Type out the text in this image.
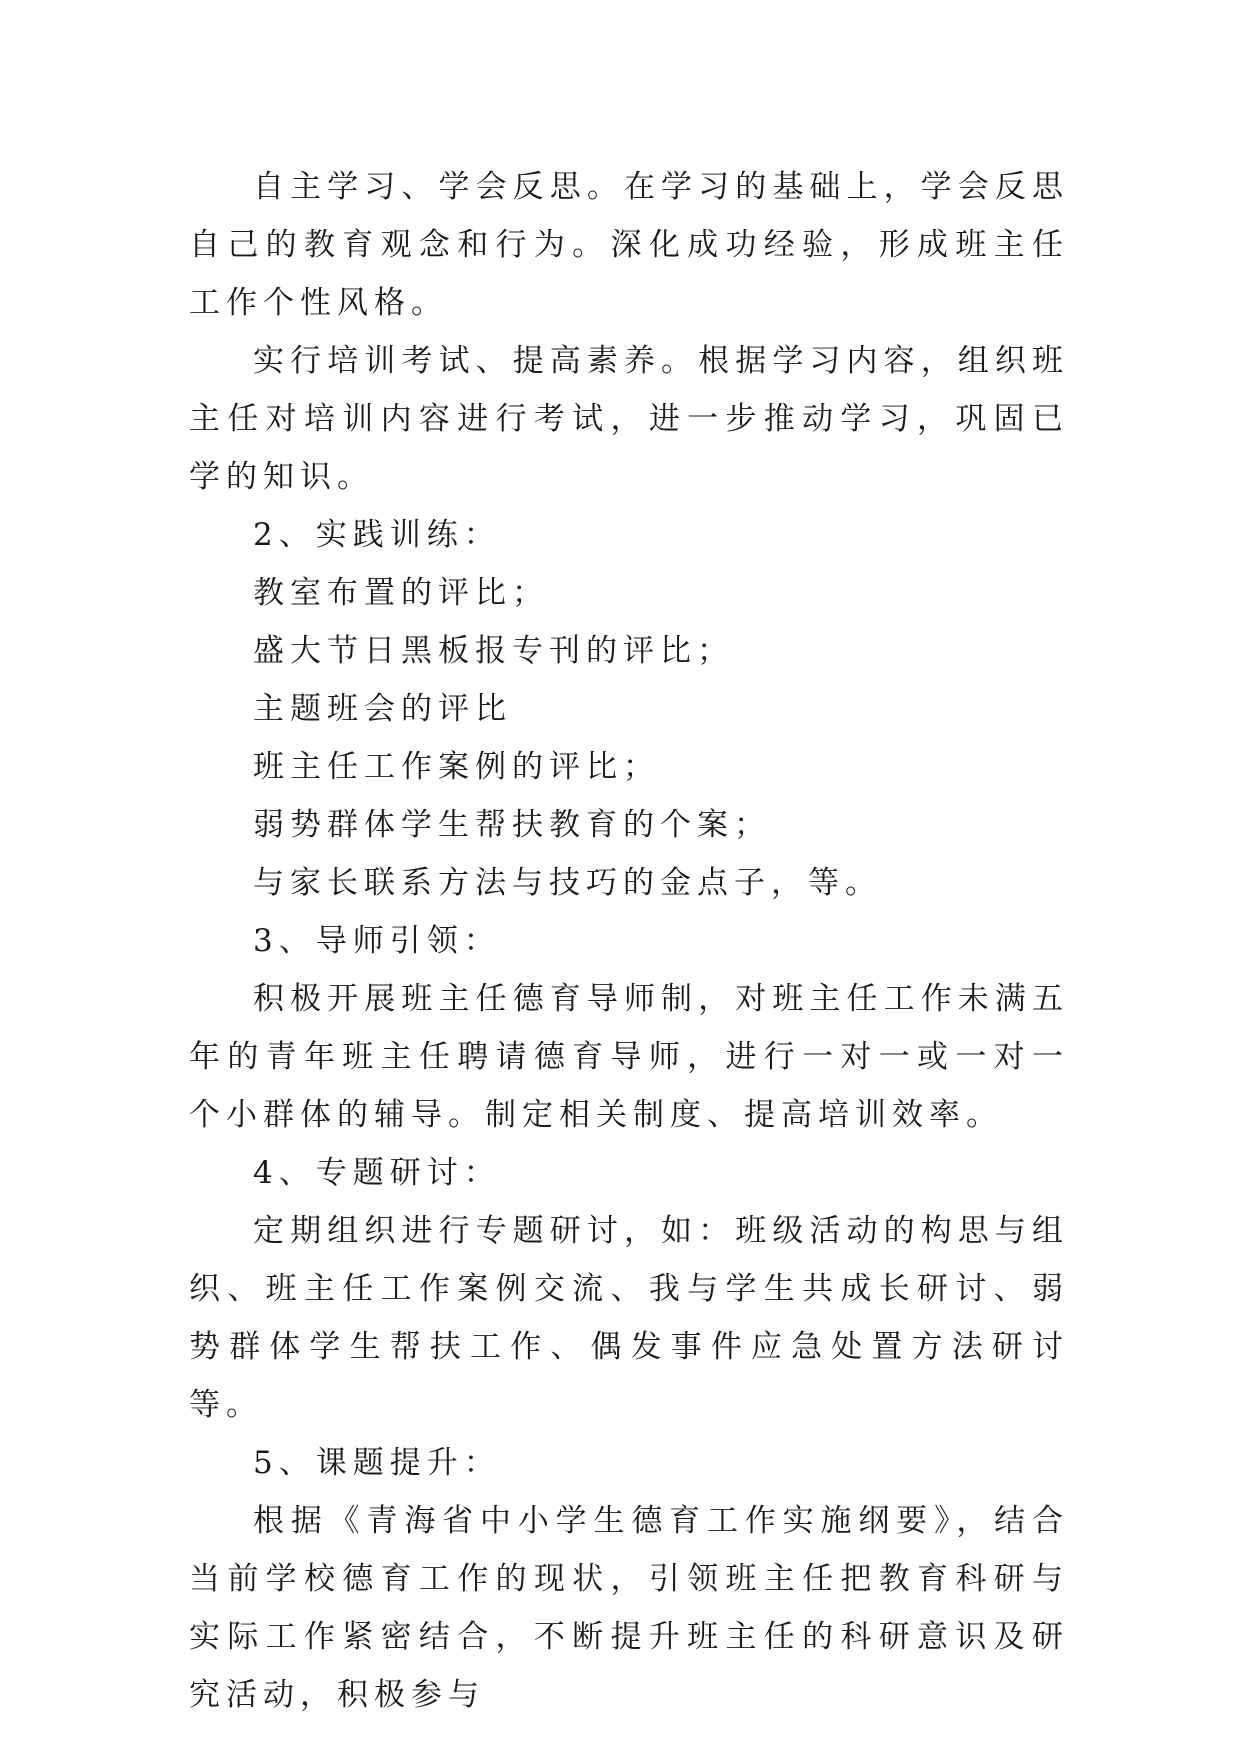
自主学习、学会反思。在学习的基础上，学会反思自己的教育观念和行为。深化成功经验，形成班主任工作个性风格。

实行培训考试、提高素养。根据学习内容，组织班主任对培训内容进行考试，进一步推动学习，巩固已学的知识。

2、实践训练：

教室布置的评比；

盛大节日黑板报专刊的评比；

主题班会的评比

班主任工作案例的评比；

弱势群体学生帮扶教育的个案；

与家长联系方法与技巧的金点子，等。

3、导师引领：

积极开展班主任德育导师制，对班主任工作未满五年的青年班主任聘请德育导师，进行一对一或一对一个小群体的辅导。制定相关制度、提高培训效率。

4、专题研讨：

定期组织进行专题研讨，如：班级活动的构思与组织、班主任工作案例交流、我与学生共成长研讨、弱势群体学生帮扶工作、偶发事件应急处置方法研讨等。

5、课题提升：

根据《青海省中小学生德育工作实施纲要》，结合当前学校德育工作的现状，引领班主任把教育科研与实际工作紧密结合，不断提升班主任的科研意识及研究活动，积极参与
